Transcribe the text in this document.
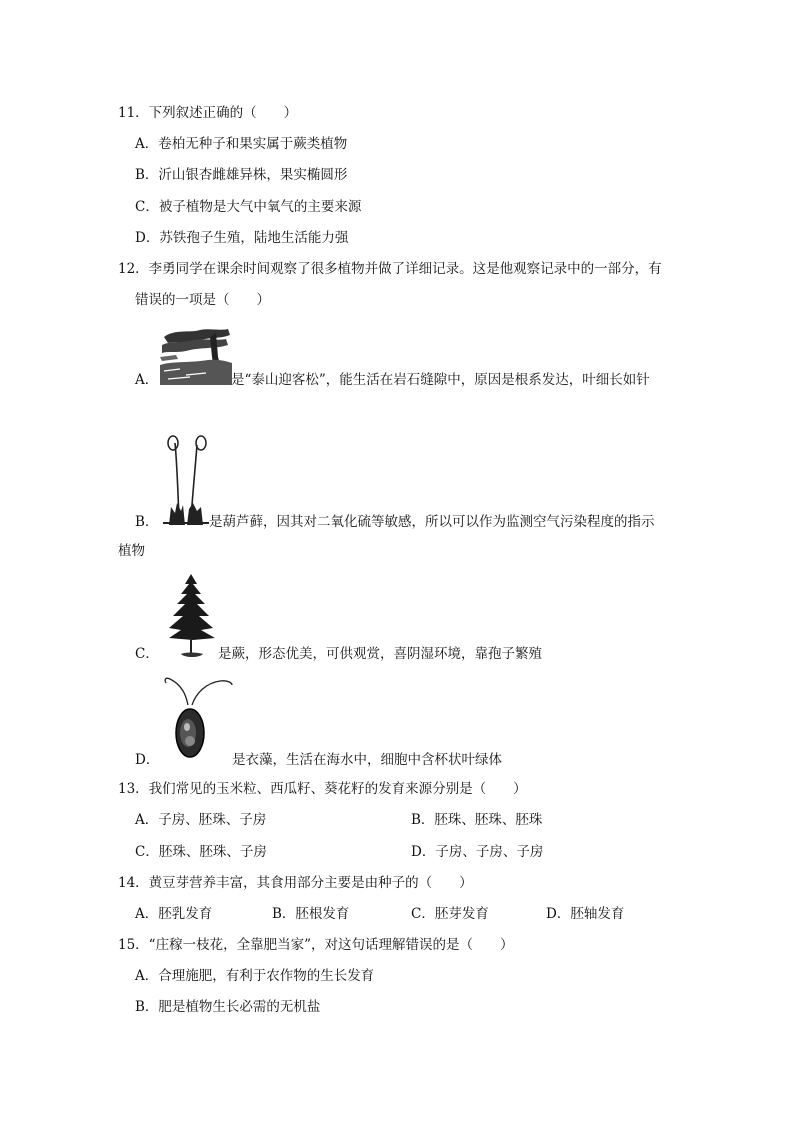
11．下列叙述正确的（　　）
A．卷柏无种子和果实属于蕨类植物
B．沂山银杏雌雄异株，果实椭圆形
C．被子植物是大气中氧气的主要来源
D．苏铁孢子生殖，陆地生活能力强
12．李勇同学在课余时间观察了很多植物并做了详细记录。这是他观察记录中的一部分，有
错误的一项是（　　）
A．	是“泰山迎客松”，能生活在岩石缝隙中，原因是根系发达，叶细长如针
B．	是葫芦藓，因其对二氧化硫等敏感，所以可以作为监测空气污染程度的指示
植物
C．	是蕨，形态优美，可供观赏，喜阴湿环境，靠孢子繁殖
D．	是衣藻，生活在海水中，细胞中含杯状叶绿体
13．我们常见的玉米粒、西瓜籽、葵花籽的发育来源分别是（　　）
A．子房、胚珠、子房	B．胚珠、胚珠、胚珠
C．胚珠、胚珠、子房	D．子房、子房、子房
14．黄豆芽营养丰富，其食用部分主要是由种子的（　　）
A．胚乳发育	B．胚根发育	C．胚芽发育	D．胚轴发育
15．“庄稼一枝花，全靠肥当家”，对这句话理解错误的是（　　）
A．合理施肥，有利于农作物的生长发育
B．肥是植物生长必需的无机盐
